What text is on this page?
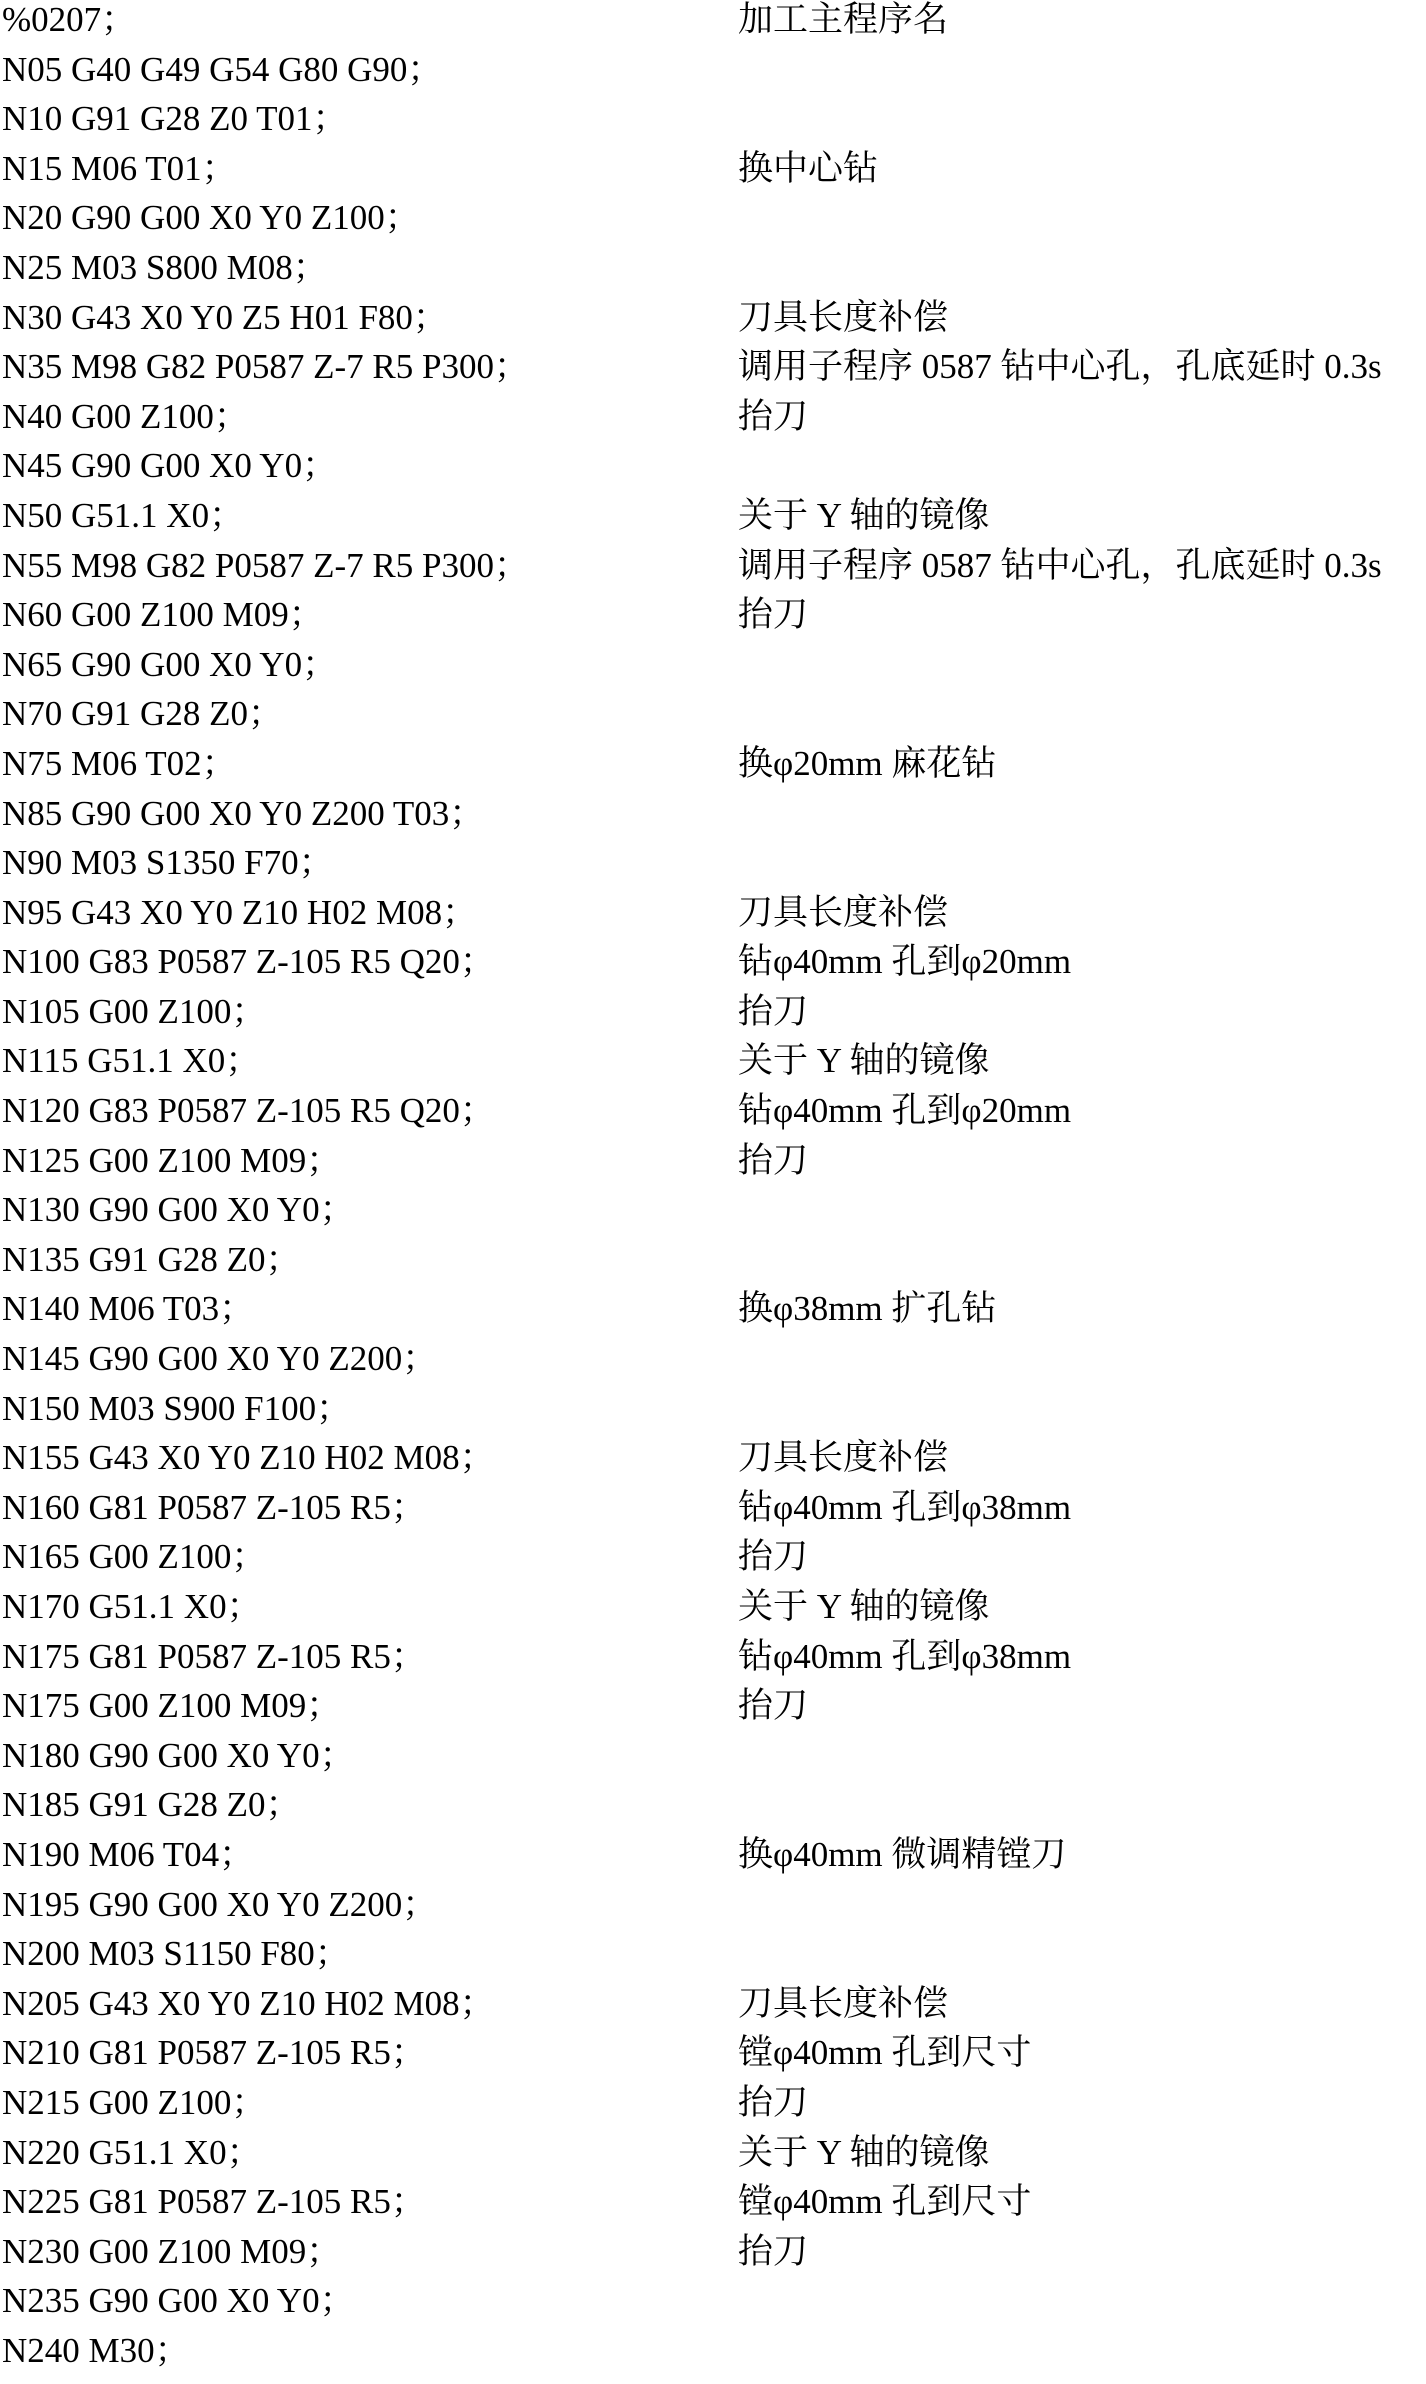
%0207；	加工主程序名
N05 G40 G49 G54 G80 G90；
N10 G91 G28 Z0 T01；
N15 M06 T01；	换中心钻
N20 G90 G00 X0 Y0 Z100；
N25 M03 S800 M08；
N30 G43 X0 Y0 Z5 H01 F80；	刀具长度补偿
N35 M98 G82 P0587 Z-7 R5 P300；	调用子程序 0587 钻中心孔，孔底延时 0.3s
N40 G00 Z100；	抬刀
N45 G90 G00 X0 Y0；
N50 G51.1 X0；	关于 Y 轴的镜像
N55 M98 G82 P0587 Z-7 R5 P300；	调用子程序 0587 钻中心孔，孔底延时 0.3s
N60 G00 Z100 M09；	抬刀
N65 G90 G00 X0 Y0；
N70 G91 G28 Z0；
N75 M06 T02；	换φ20mm 麻花钻
N85 G90 G00 X0 Y0 Z200 T03；
N90 M03 S1350 F70；
N95 G43 X0 Y0 Z10 H02 M08；	刀具长度补偿
N100 G83 P0587 Z-105 R5 Q20；	钻φ40mm 孔到φ20mm
N105 G00 Z100；	抬刀
N115 G51.1 X0；	关于 Y 轴的镜像
N120 G83 P0587 Z-105 R5 Q20；	钻φ40mm 孔到φ20mm
N125 G00 Z100 M09；	抬刀
N130 G90 G00 X0 Y0；
N135 G91 G28 Z0；
N140 M06 T03；	换φ38mm 扩孔钻
N145 G90 G00 X0 Y0 Z200；
N150 M03 S900 F100；
N155 G43 X0 Y0 Z10 H02 M08；	刀具长度补偿
N160 G81 P0587 Z-105 R5；	钻φ40mm 孔到φ38mm
N165 G00 Z100；	抬刀
N170 G51.1 X0；	关于 Y 轴的镜像
N175 G81 P0587 Z-105 R5；	钻φ40mm 孔到φ38mm
N175 G00 Z100 M09；	抬刀
N180 G90 G00 X0 Y0；
N185 G91 G28 Z0；
N190 M06 T04；	换φ40mm 微调精镗刀
N195 G90 G00 X0 Y0 Z200；
N200 M03 S1150 F80；
N205 G43 X0 Y0 Z10 H02 M08；	刀具长度补偿
N210 G81 P0587 Z-105 R5；	镗φ40mm 孔到尺寸
N215 G00 Z100；	抬刀
N220 G51.1 X0；	关于 Y 轴的镜像
N225 G81 P0587 Z-105 R5；	镗φ40mm 孔到尺寸
N230 G00 Z100 M09；	抬刀
N235 G90 G00 X0 Y0；
N240 M30；
